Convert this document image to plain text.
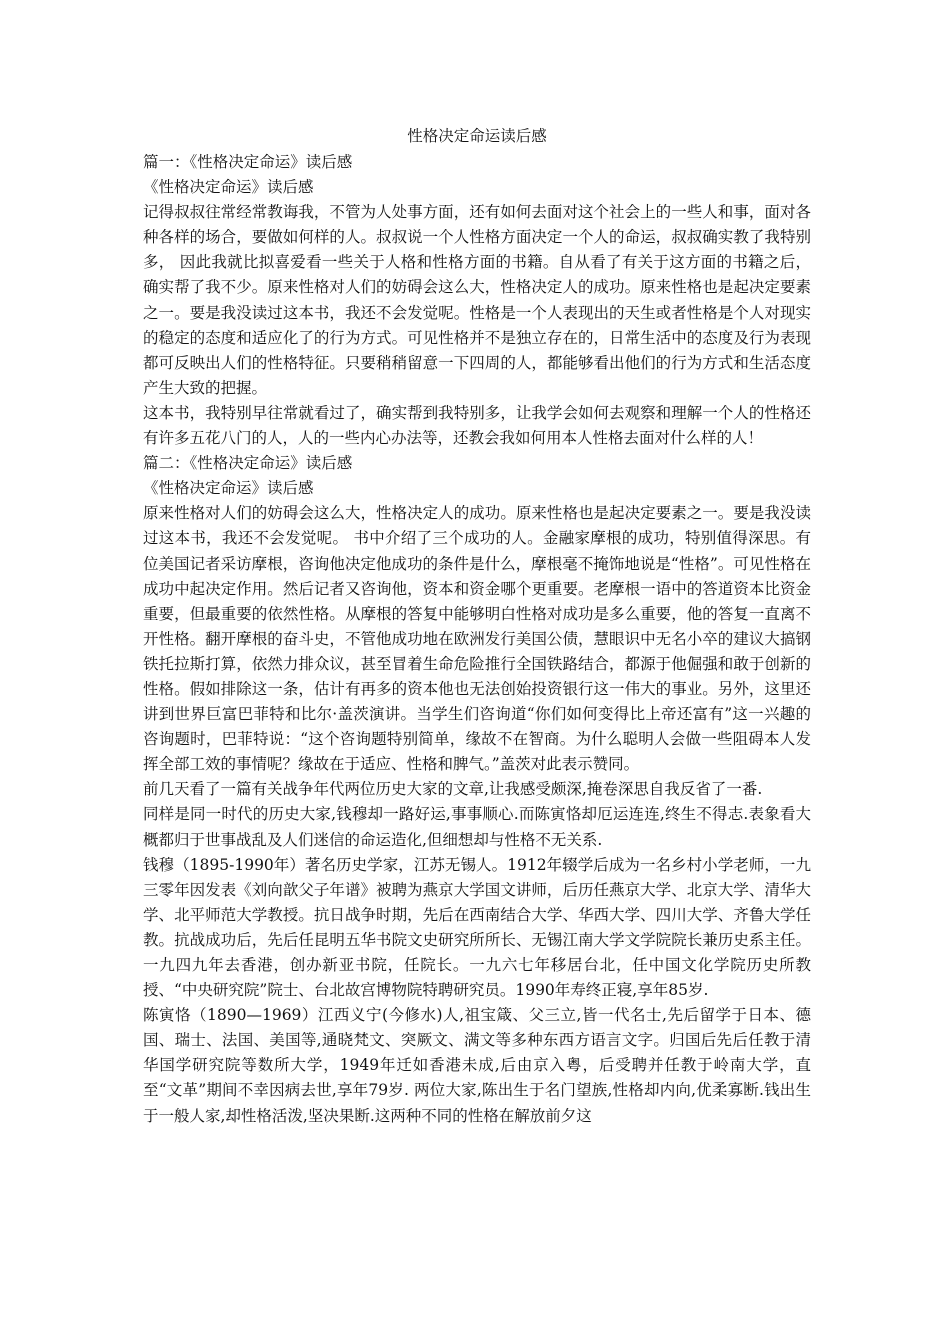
性格决定命运读后感

篇一：《性格决定命运》读后感

《性格决定命运》读后感

记得叔叔往常经常教诲我，不管为人处事方面，还有如何去面对这个社会上的一些人和事，面对各种各样的场合，要做如何样的人。叔叔说一个人性格方面决定一个人的命运，叔叔确实教了我特别多， 因此我就比拟喜爱看一些关于人格和性格方面的书籍。自从看了有关于这方面的书籍之后，确实帮了我不少。原来性格对人们的妨碍会这么大，性格决定人的成功。原来性格也是起决定要素之一。要是我没读过这本书，我还不会发觉呢。性格是一个人表现出的天生或者性格是个人对现实的稳定的态度和适应化了的行为方式。可见性格并不是独立存在的，日常生活中的态度及行为表现都可反映出人们的性格特征。只要稍稍留意一下四周的人，都能够看出他们的行为方式和生活态度产生大致的把握。

这本书，我特别早往常就看过了，确实帮到我特别多，让我学会如何去观察和理解一个人的性格还有许多五花八门的人，人的一些内心办法等，还教会我如何用本人性格去面对什么样的人！

篇二：《性格决定命运》读后感

《性格决定命运》读后感

原来性格对人们的妨碍会这么大，性格决定人的成功。原来性格也是起决定要素之一。要是我没读过这本书，我还不会发觉呢。 书中介绍了三个成功的人。金融家摩根的成功，特别值得深思。有位美国记者采访摩根，咨询他决定他成功的条件是什么，摩根毫不掩饰地说是“性格”。可见性格在成功中起决定作用。然后记者又咨询他，资本和资金哪个更重要。老摩根一语中的答道资本比资金重要，但最重要的依然性格。从摩根的答复中能够明白性格对成功是多么重要，他的答复一直离不开性格。翻开摩根的奋斗史，不管他成功地在欧洲发行美国公债，慧眼识中无名小卒的建议大搞钢铁托拉斯打算，依然力排众议，甚至冒着生命危险推行全国铁路结合，都源于他倔强和敢于创新的性格。假如排除这一条，估计有再多的资本他也无法创始投资银行这一伟大的事业。另外，这里还讲到世界巨富巴菲特和比尔·盖茨演讲。当学生们咨询道“你们如何变得比上帝还富有”这一兴趣的咨询题时，巴菲特说：“这个咨询题特别简单，缘故不在智商。为什么聪明人会做一些阻碍本人发挥全部工效的事情呢？缘故在于适应、性格和脾气。”盖茨对此表示赞同。

前几天看了一篇有关战争年代两位历史大家的文章,让我感受颇深,掩卷深思自我反省了一番.

同样是同一时代的历史大家,钱穆却一路好运,事事顺心.而陈寅恪却厄运连连,终生不得志.表象看大概都归于世事战乱及人们迷信的命运造化,但细想却与性格不无关系.

钱穆（1895-1990年）著名历史学家，江苏无锡人。1912年辍学后成为一名乡村小学老师，一九三零年因发表《刘向歆父子年谱》被聘为燕京大学国文讲师，后历任燕京大学、北京大学、清华大学、北平师范大学教授。抗日战争时期，先后在西南结合大学、华西大学、四川大学、齐鲁大学任教。抗战成功后，先后任昆明五华书院文史研究所所长、无锡江南大学文学院院长兼历史系主任。一九四九年去香港，创办新亚书院，任院长。一九六七年移居台北，任中国文化学院历史所教授、“中央研究院”院士、台北故宫博物院特聘研究员。1990年寿终正寝,享年85岁.

陈寅恪（1890—1969）江西义宁(今修水)人,祖宝箴、父三立,皆一代名士,先后留学于日本、德国、瑞士、法国、美国等,通晓梵文、突厥文、满文等多种东西方语言文字。归国后先后任教于清华国学研究院等数所大学，1949年迁如香港未成,后由京入粤，后受聘并任教于岭南大学，直至“文革”期间不幸因病去世,享年79岁. 两位大家,陈出生于名门望族,性格却内向,优柔寡断.钱出生于一般人家,却性格活泼,坚决果断.这两种不同的性格在解放前夕这
